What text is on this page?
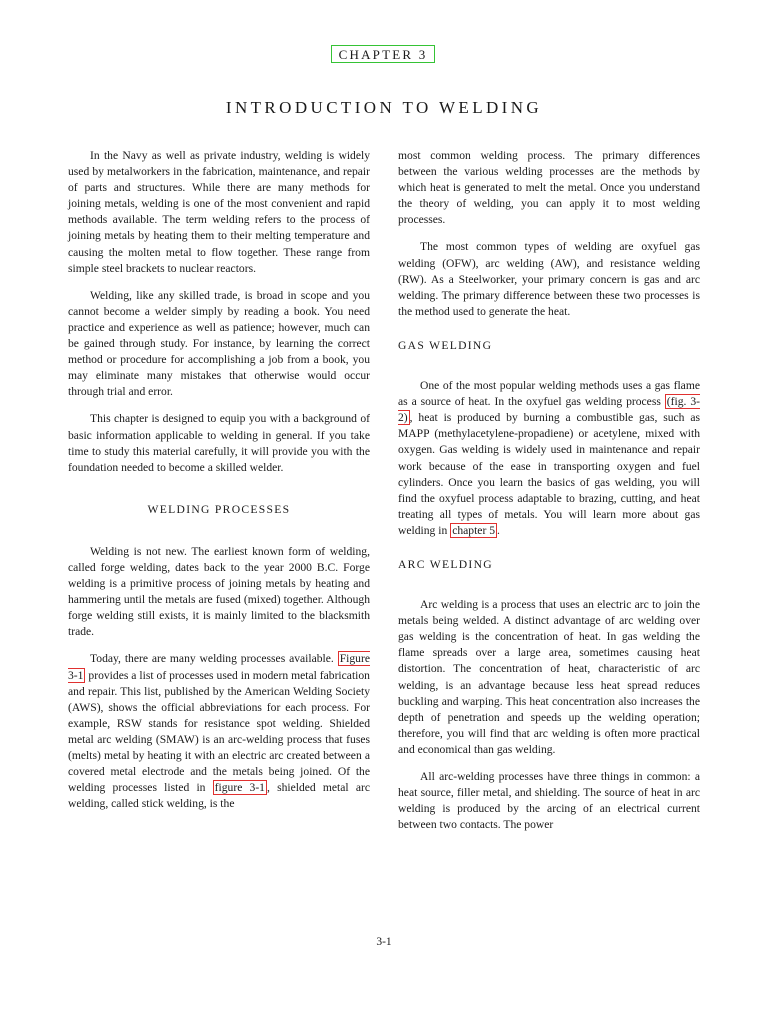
CHAPTER 3
INTRODUCTION TO WELDING

In the Navy as well as private industry, welding is widely used by metalworkers in the fabrication, maintenance, and repair of parts and structures. While there are many methods for joining metals, welding is one of the most convenient and rapid methods available. The term welding refers to the process of joining metals by heating them to their melting temperature and causing the molten metal to flow together. These range from simple steel brackets to nuclear reactors.

Welding, like any skilled trade, is broad in scope and you cannot become a welder simply by reading a book. You need practice and experience as well as patience; however, much can be gained through study. For instance, by learning the correct method or procedure for accomplishing a job from a book, you may eliminate many mistakes that otherwise would occur through trial and error.

This chapter is designed to equip you with a background of basic information applicable to welding in general. If you take time to study this material carefully, it will provide you with the foundation needed to become a skilled welder.

WELDING PROCESSES

Welding is not new. The earliest known form of welding, called forge welding, dates back to the year 2000 B.C. Forge welding is a primitive process of joining metals by heating and hammering until the metals are fused (mixed) together. Although forge welding still exists, it is mainly limited to the blacksmith trade.

Today, there are many welding processes available. Figure 3-1 provides a list of processes used in modern metal fabrication and repair. This list, published by the American Welding Society (AWS), shows the official abbreviations for each process. For example, RSW stands for resistance spot welding. Shielded metal arc welding (SMAW) is an arc-welding process that fuses (melts) metal by heating it with an electric arc created between a covered metal electrode and the metals being joined. Of the welding processes listed in figure 3-1 , shielded metal arc welding, called stick welding, is the

most common welding process. The primary differences between the various welding processes are the methods by which heat is generated to melt the metal. Once you understand the theory of welding, you can apply it to most welding processes.

The most common types of welding are oxyfuel gas welding (OFW), arc welding (AW), and resistance welding (RW). As a Steelworker, your primary concern is gas and arc welding. The primary difference between these two processes is the method used to generate the heat.

GAS WELDING

One of the most popular welding methods uses a gas flame as a source of heat. In the oxyfuel gas welding process (fig. 3-2) , heat is produced by burning a combustible gas, such as MAPP (methylacetylene-propadiene) or acetylene, mixed with oxygen. Gas welding is widely used in maintenance and repair work because of the ease in transporting oxygen and fuel cylinders. Once you learn the basics of gas welding, you will find the oxyfuel process adaptable to brazing, cutting, and heat treating all types of metals. You will learn more about gas welding in chapter 5 .

ARC WELDING

Arc welding is a process that uses an electric arc to join the metals being welded. A distinct advantage of arc welding over gas welding is the concentration of heat. In gas welding the flame spreads over a large area, sometimes causing heat distortion. The concentration of heat, characteristic of arc welding, is an advantage because less heat spread reduces buckling and warping. This heat concentration also increases the depth of penetration and speeds up the welding operation; therefore, you will find that arc welding is often more practical and economical than gas welding.

All arc-welding processes have three things in common: a heat source, filler metal, and shielding. The source of heat in arc welding is produced by the arcing of an electrical current between two contacts. The power

3-1
